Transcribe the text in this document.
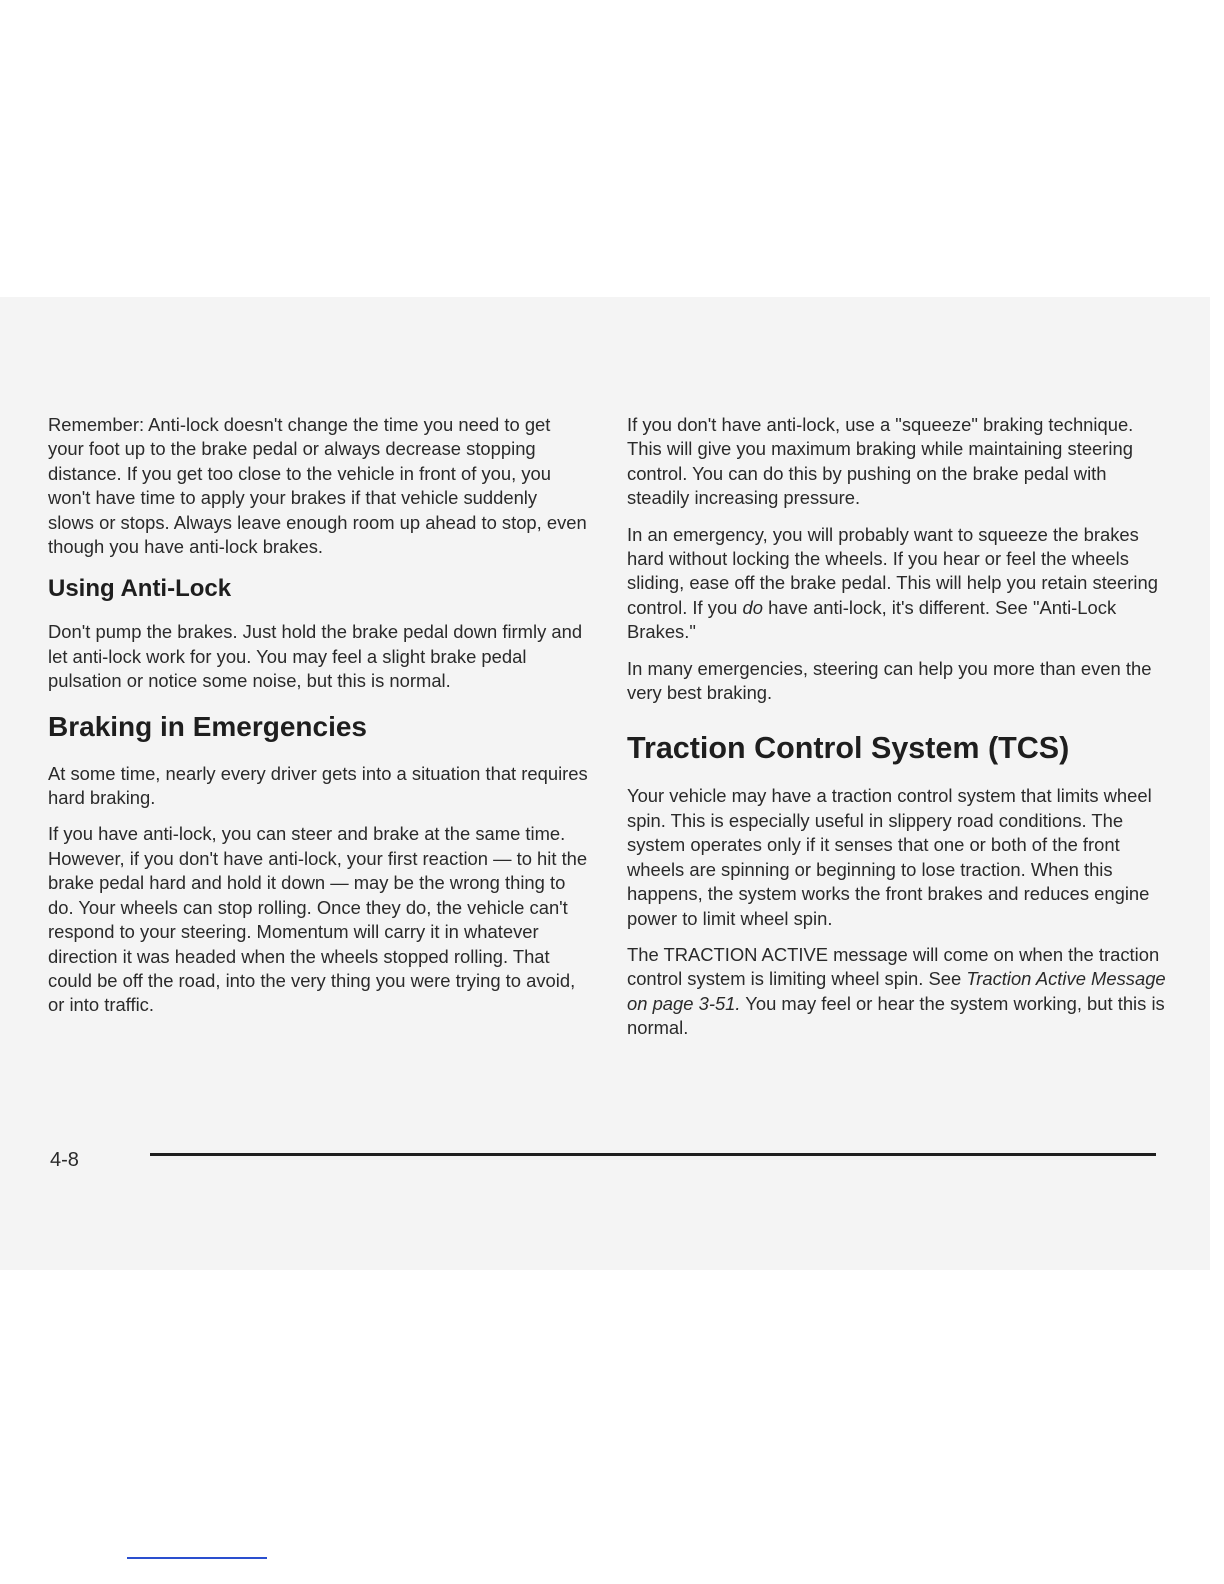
Remember: Anti-lock doesn't change the time you need to get your foot up to the brake pedal or always decrease stopping distance. If you get too close to the vehicle in front of you, you won't have time to apply your brakes if that vehicle suddenly slows or stops. Always leave enough room up ahead to stop, even though you have anti-lock brakes.

Using Anti-Lock

Don't pump the brakes. Just hold the brake pedal down firmly and let anti-lock work for you. You may feel a slight brake pedal pulsation or notice some noise, but this is normal.

Braking in Emergencies

At some time, nearly every driver gets into a situation that requires hard braking.

If you have anti-lock, you can steer and brake at the same time. However, if you don't have anti-lock, your first reaction — to hit the brake pedal hard and hold it down — may be the wrong thing to do. Your wheels can stop rolling. Once they do, the vehicle can't respond to your steering. Momentum will carry it in whatever direction it was headed when the wheels stopped rolling. That could be off the road, into the very thing you were trying to avoid, or into traffic.

If you don't have anti-lock, use a "squeeze" braking technique. This will give you maximum braking while maintaining steering control. You can do this by pushing on the brake pedal with steadily increasing pressure.

In an emergency, you will probably want to squeeze the brakes hard without locking the wheels. If you hear or feel the wheels sliding, ease off the brake pedal. This will help you retain steering control. If you do have anti-lock, it's different. See "Anti-Lock Brakes."

In many emergencies, steering can help you more than even the very best braking.

Traction Control System (TCS)

Your vehicle may have a traction control system that limits wheel spin. This is especially useful in slippery road conditions. The system operates only if it senses that one or both of the front wheels are spinning or beginning to lose traction. When this happens, the system works the front brakes and reduces engine power to limit wheel spin.

The TRACTION ACTIVE message will come on when the traction control system is limiting wheel spin. See Traction Active Message on page 3-51. You may feel or hear the system working, but this is normal.

4-8
